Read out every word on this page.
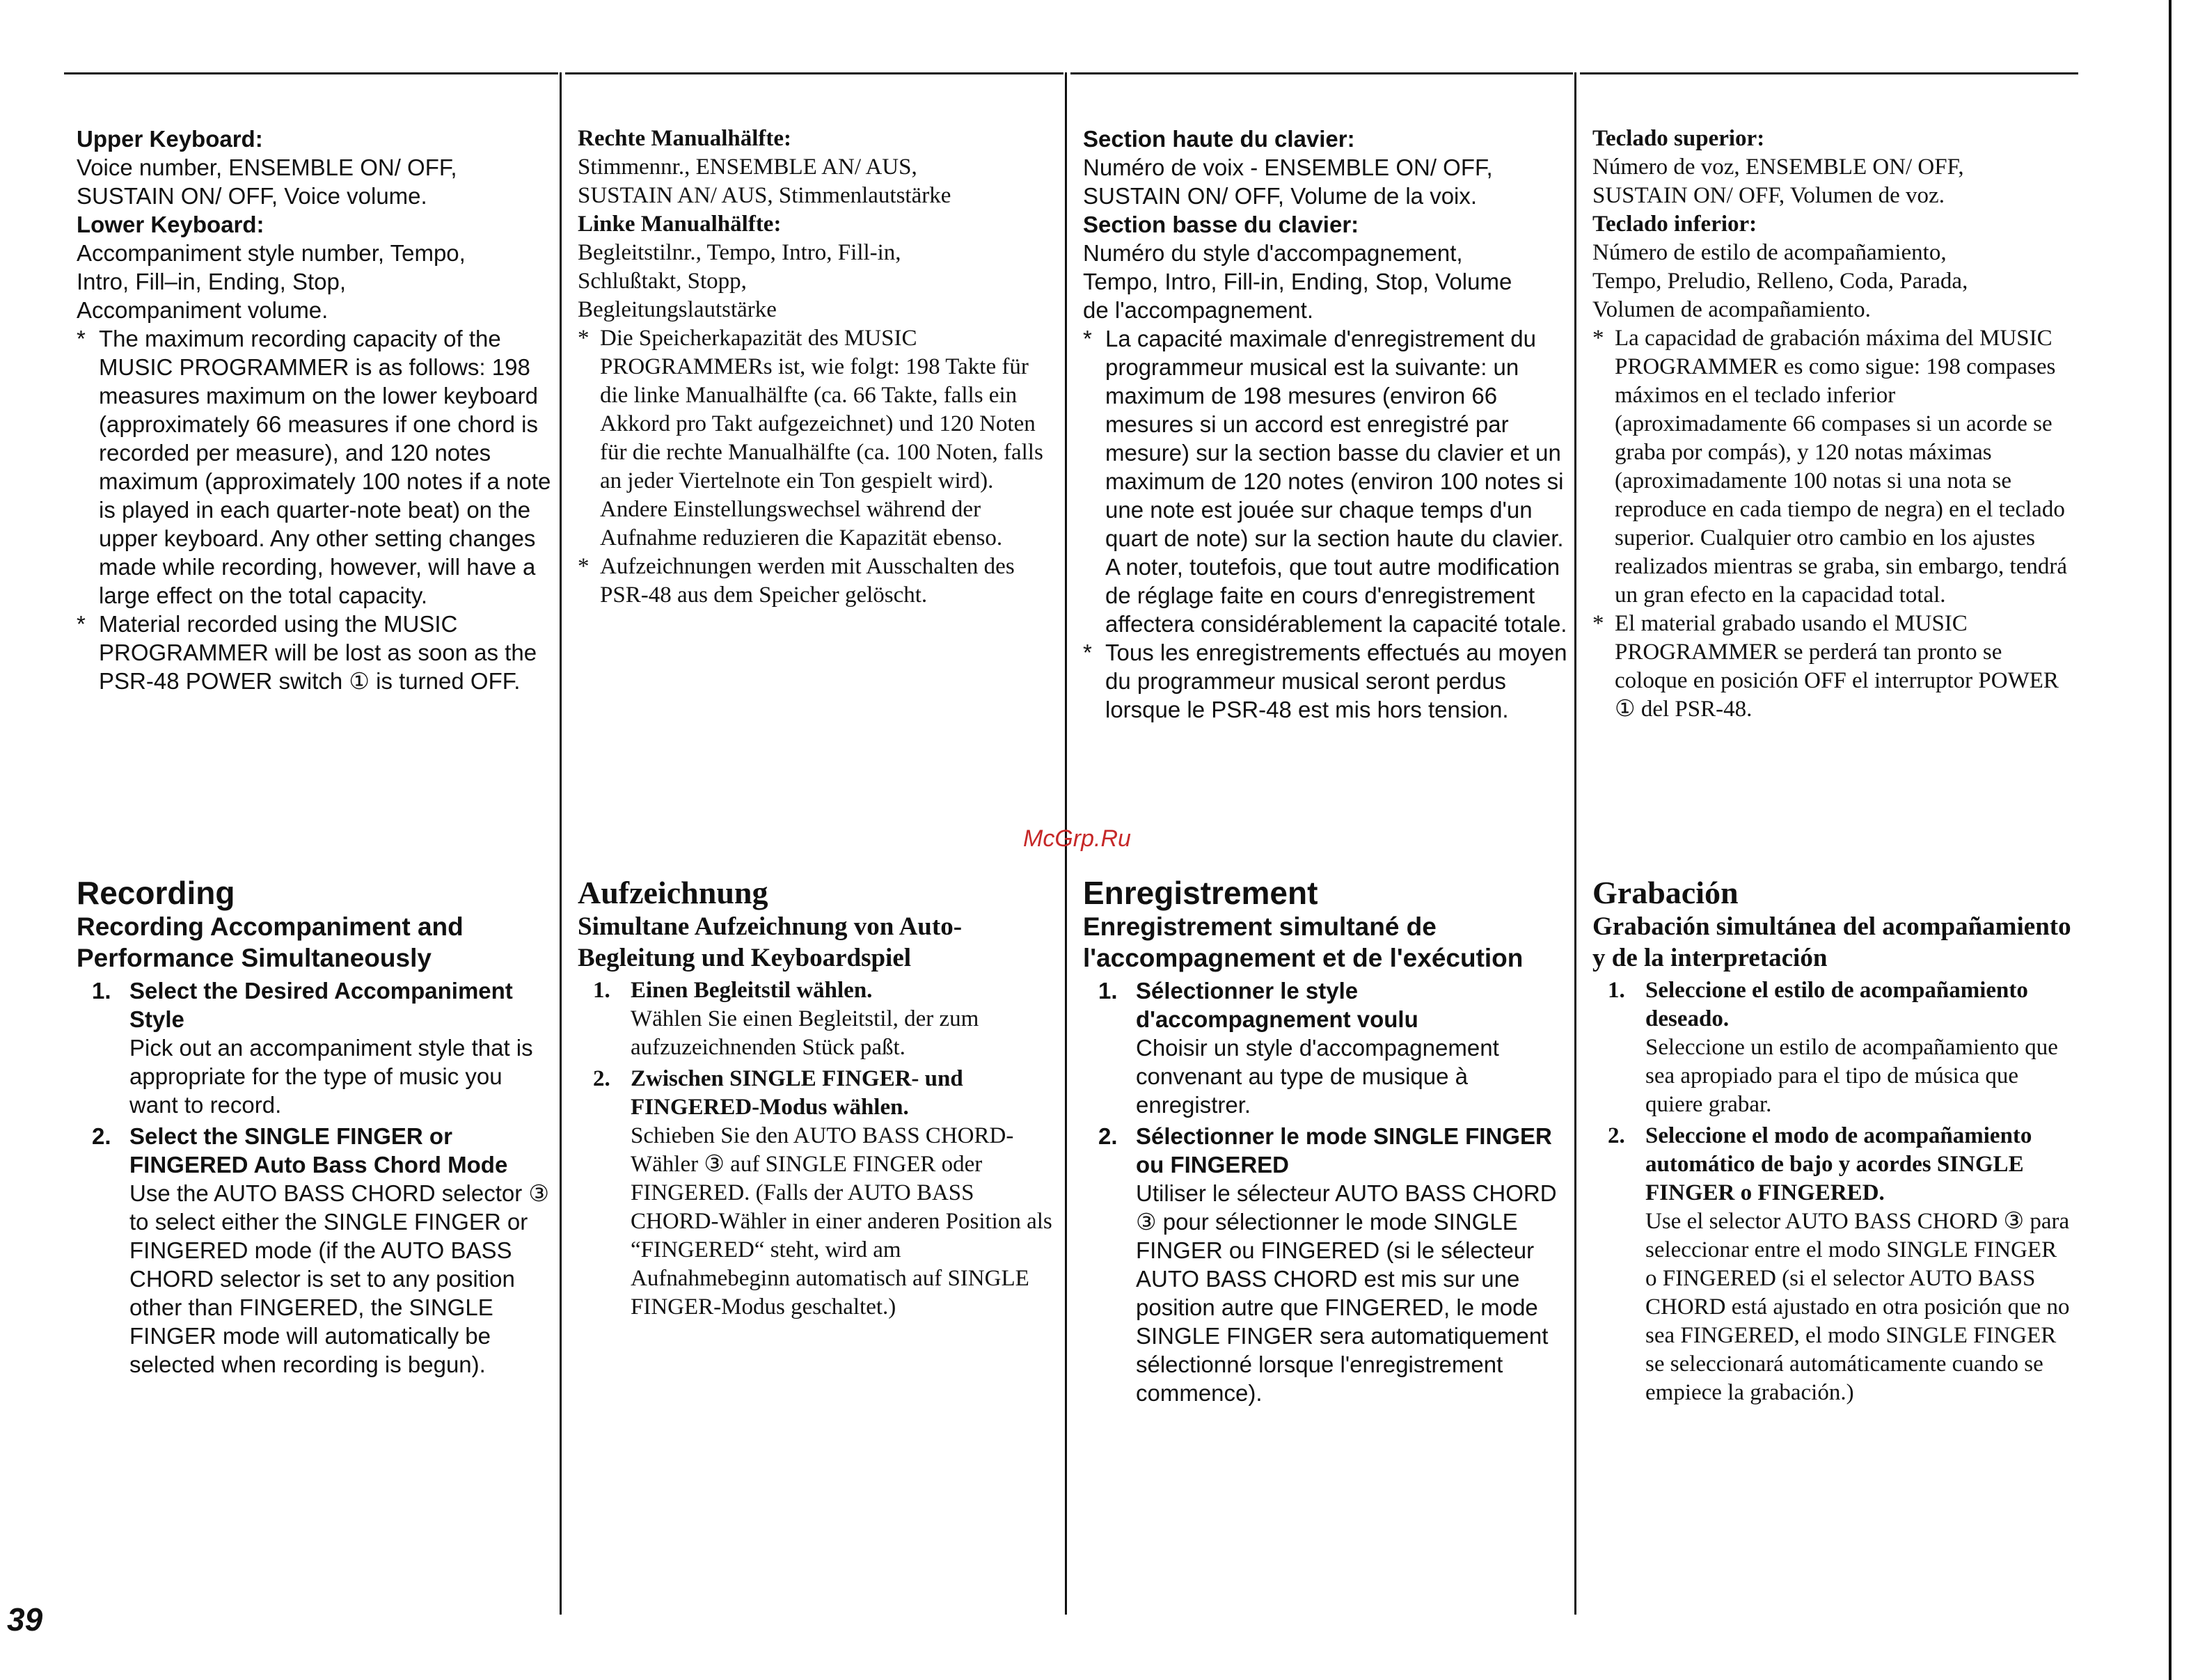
Upper Keyboard:

Voice number, ENSEMBLE ON/ OFF,

SUSTAIN ON/ OFF, Voice volume.

Lower Keyboard:

Accompaniment style number, Tempo,

Intro, Fill–in, Ending, Stop,

Accompaniment volume.

* The maximum recording capacity of the MUSIC PROGRAMMER is as follows: 198 measures maximum on the lower keyboard (approximately 66 measures if one chord is recorded per measure), and 120 notes maximum (approximately 100 notes if a note is played in each quarter-note beat) on the upper keyboard. Any other setting changes made while recording, however, will have a large effect on the total capacity.
* Material recorded using the MUSIC PROGRAMMER will be lost as soon as the PSR-48 POWER switch ① is turned OFF.
Recording
Recording Accompaniment and Performance Simultaneously
1. Select the Desired Accompaniment Style

Pick out an accompaniment style that is appropriate for the type of music you want to record.

2. Select the SINGLE FINGER or FINGERED Auto Bass Chord Mode

Use the AUTO BASS CHORD selector ③ to select either the SINGLE FINGER or FINGERED mode (if the AUTO BASS CHORD selector is set to any position other than FINGERED, the SINGLE FINGER mode will automatically be selected when recording is begun).

Rechte Manualhälfte:

Stimmennr., ENSEMBLE AN/ AUS,

SUSTAIN AN/ AUS, Stimmenlautstärke

Linke Manualhälfte:

Begleitstilnr., Tempo, Intro, Fill-in,

Schlußtakt, Stopp,

Begleitungslautstärke

* Die Speicherkapazität des MUSIC PROGRAMMERs ist, wie folgt: 198 Takte für die linke Manualhälfte (ca. 66 Takte, falls ein Akkord pro Takt aufgezeichnet) und 120 Noten für die rechte Manualhälfte (ca. 100 Noten, falls an jeder Viertelnote ein Ton gespielt wird). Andere Einstellungswechsel während der Aufnahme reduzieren die Kapazität ebenso.
* Aufzeichnungen werden mit Ausschalten des PSR-48 aus dem Speicher gelöscht.
Aufzeichnung
Simultane Aufzeichnung von Auto-Begleitung und Keyboardspiel
1. Einen Begleitstil wählen.

Wählen Sie einen Begleitstil, der zum aufzuzeichnenden Stück paßt.

2. Zwischen SINGLE FINGER- und FINGERED-Modus wählen.

Schieben Sie den AUTO BASS CHORD-Wähler ③ auf SINGLE FINGER oder FINGERED. (Falls der AUTO BASS CHORD-Wähler in einer anderen Position als “FINGERED“ steht, wird am Aufnahmebeginn automatisch auf SINGLE FINGER-Modus geschaltet.)

Section haute du clavier:

Numéro de voix - ENSEMBLE ON/ OFF,

SUSTAIN ON/ OFF, Volume de la voix.

Section basse du clavier:

Numéro du style d'accompagnement,

Tempo, Intro, Fill-in, Ending, Stop, Volume

de l'accompagnement.

* La capacité maximale d'enregistrement du programmeur musical est la suivante: un maximum de 198 mesures (environ 66 mesures si un accord est enregistré par mesure) sur la section basse du clavier et un maximum de 120 notes (environ 100 notes si une note est jouée sur chaque temps d'un quart de note) sur la section haute du clavier. A noter, toutefois, que tout autre modification de réglage faite en cours d'enregistrement affectera considérablement la capacité totale.
* Tous les enregistrements effectués au moyen du programmeur musical seront perdus lorsque le PSR-48 est mis hors tension.
Enregistrement
Enregistrement simultané de l'accompagnement et de l'exécution
1. Sélectionner le style d'accompagnement voulu

Choisir un style d'accompagnement convenant au type de musique à enregistrer.

2. Sélectionner le mode SINGLE FINGER ou FINGERED

Utiliser le sélecteur AUTO BASS CHORD ③ pour sélectionner le mode SINGLE FINGER ou FINGERED (si le sélecteur AUTO BASS CHORD est mis sur une position autre que FINGERED, le mode SINGLE FINGER sera automatiquement sélectionné lorsque l'enregistrement commence).

Teclado superior:

Número de voz, ENSEMBLE ON/ OFF,

SUSTAIN ON/ OFF, Volumen de voz.

Teclado inferior:

Número de estilo de acompañamiento,

Tempo, Preludio, Relleno, Coda, Parada,

Volumen de acompañamiento.

* La capacidad de grabación máxima del MUSIC PROGRAMMER es como sigue: 198 compases máximos en el teclado inferior (aproximadamente 66 compases si un acorde se graba por compás), y 120 notas máximas (aproximadamente 100 notas si una nota se reproduce en cada tiempo de negra) en el teclado superior. Cualquier otro cambio en los ajustes realizados mientras se graba, sin embargo, tendrá un gran efecto en la capacidad total.
* El material grabado usando el MUSIC PROGRAMMER se perderá tan pronto se coloque en posición OFF el interruptor POWER ① del PSR-48.
Grabación
Grabación simultánea del acompañamiento y de la interpretación
1. Seleccione el estilo de acompañamiento deseado.

Seleccione un estilo de acompañamiento que sea apropiado para el tipo de música que quiere grabar.

2. Seleccione el modo de acompañamiento automático de bajo y acordes SINGLE FINGER o FINGERED.

Use el selector AUTO BASS CHORD ③ para seleccionar entre el modo SINGLE FINGER o FINGERED (si el selector AUTO BASS CHORD está ajustado en otra posición que no sea FINGERED, el modo SINGLE FINGER se seleccionará automáticamente cuando se empiece la grabación.)

McGrp.Ru
39
